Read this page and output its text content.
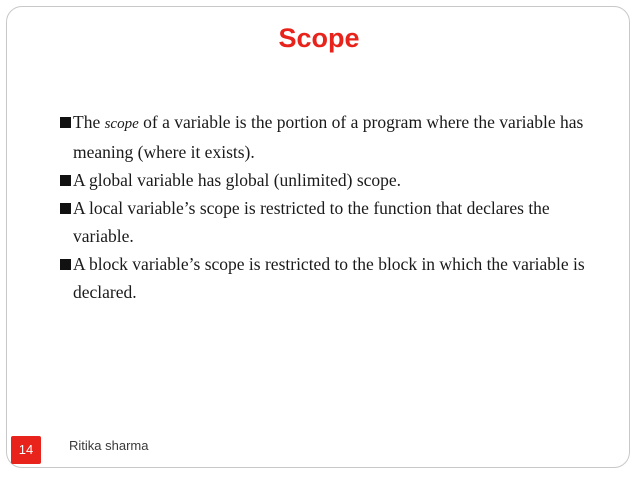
Scope
The scope of a variable is the portion of a program where the variable has meaning (where it exists).
A global variable has global (unlimited) scope.
A local variable’s scope is restricted to the function that declares the variable.
A block variable’s scope is restricted to the block in which the variable is declared.
14	Ritika sharma
